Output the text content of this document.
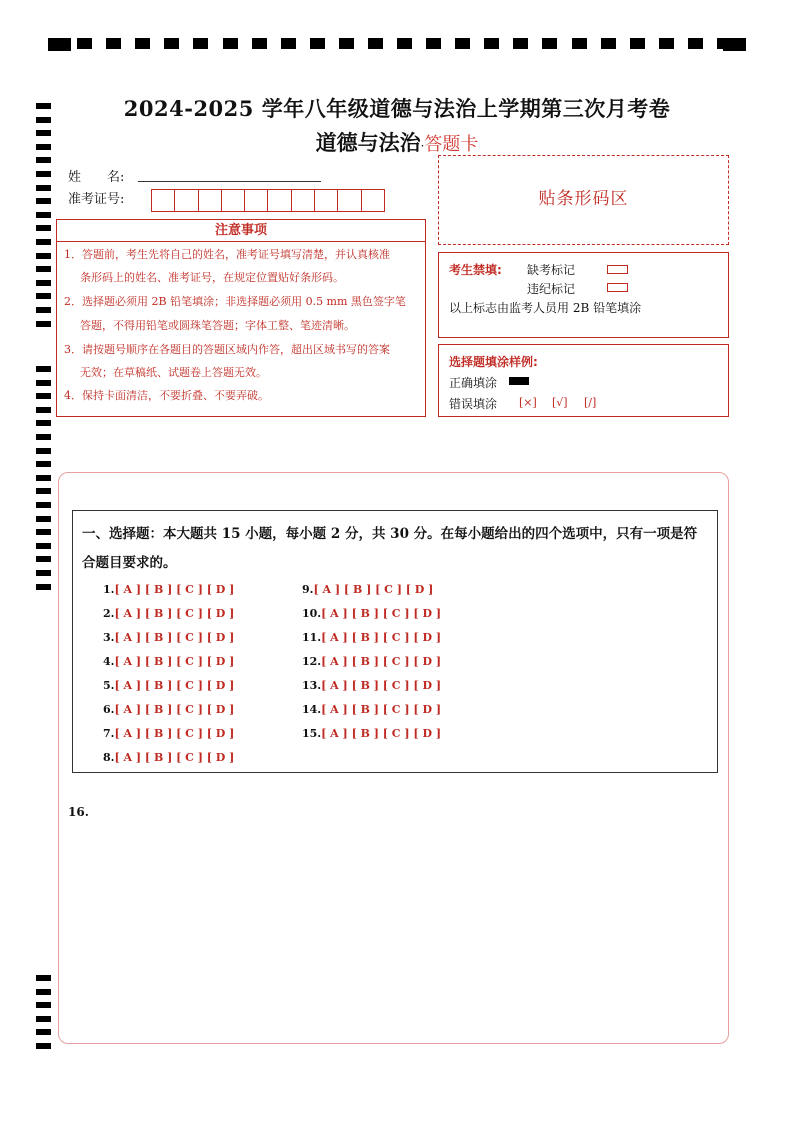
2024-2025 学年八年级道德与法治上学期第三次月考卷
道德与法治·答题卡
姓　　名:
准考证号:
注意事项
1．答题前，考生先将自己的姓名，准考证号填写清楚，并认真核准
条形码上的姓名、准考证号，在规定位置贴好条形码。
2．选择题必须用 2B 铅笔填涂；非选择题必须用 0.5 mm 黑色签字笔
答题，不得用铅笔或圆珠笔答题；字体工整、笔迹清晰。
3．请按题号顺序在各题目的答题区域内作答，超出区域书写的答案
无效；在草稿纸、试题卷上答题无效。
4．保持卡面清洁，不要折叠、不要弄破。
贴条形码区
考生禁填: 缺考标记
违纪标记
以上标志由监考人员用 2B 铅笔填涂
选择题填涂样例:
正确填涂
错误填涂 [×] [√] [/]
一、选择题：本大题共 15 小题，每小题 2 分，共 30 分。在每小题给出的四个选项中，只有一项是符合题目要求的。
1.[ A ] [ B ] [ C ] [ D ]
2.[ A ] [ B ] [ C ] [ D ]
3.[ A ] [ B ] [ C ] [ D ]
4.[ A ] [ B ] [ C ] [ D ]
5.[ A ] [ B ] [ C ] [ D ]
6.[ A ] [ B ] [ C ] [ D ]
7.[ A ] [ B ] [ C ] [ D ]
8.[ A ] [ B ] [ C ] [ D ]
9.[ A ] [ B ] [ C ] [ D ]
10.[ A ] [ B ] [ C ] [ D ]
11.[ A ] [ B ] [ C ] [ D ]
12.[ A ] [ B ] [ C ] [ D ]
13.[ A ] [ B ] [ C ] [ D ]
14.[ A ] [ B ] [ C ] [ D ]
15.[ A ] [ B ] [ C ] [ D ]
16.
